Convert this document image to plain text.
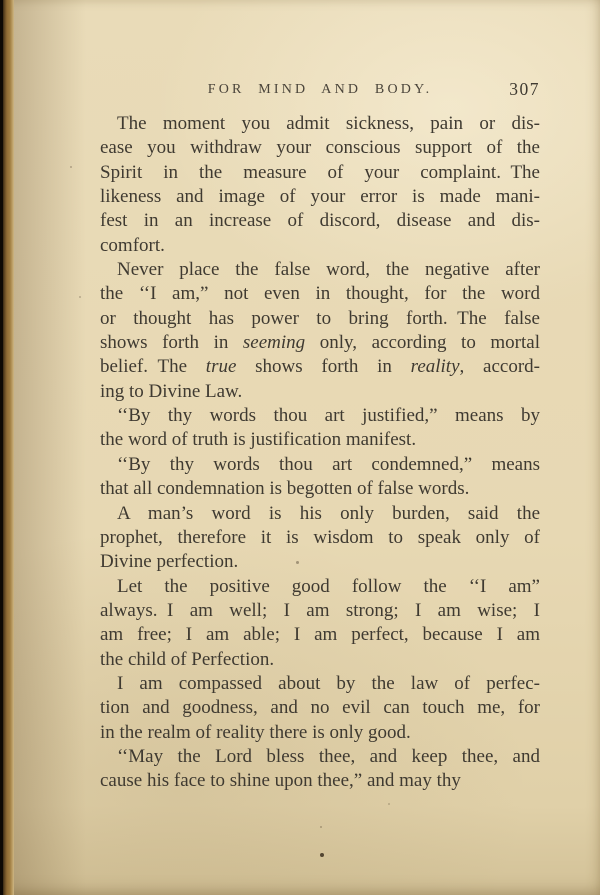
FOR MIND AND BODY.	307

The moment you admit sickness, pain or dis-
ease you withdraw your conscious support of the
Spirit in the measure of your complaint. The
likeness and image of your error is made mani-
fest in an increase of discord, disease and dis-
comfort.

Never place the false word, the negative after
the ‘‘I am,” not even in thought, for the word
or thought has power to bring forth. The false
shows forth in seeming only, according to mortal
belief. The true shows forth in reality, accord-
ing to Divine Law.

‘‘By thy words thou art justified,” means by
the word of truth is justification manifest.

‘‘By thy words thou art condemned,” means
that all condemnation is begotten of false words.

A man’s word is his only burden, said the
prophet, therefore it is wisdom to speak only of
Divine perfection.

Let the positive good follow the ‘‘I am”
always. I am well; I am strong; I am wise; I
am free; I am able; I am perfect, because I am
the child of Perfection.

I am compassed about by the law of perfec-
tion and goodness, and no evil can touch me, for
in the realm of reality there is only good.

‘‘May the Lord bless thee, and keep thee, and
cause his face to shine upon thee,” and may thy
